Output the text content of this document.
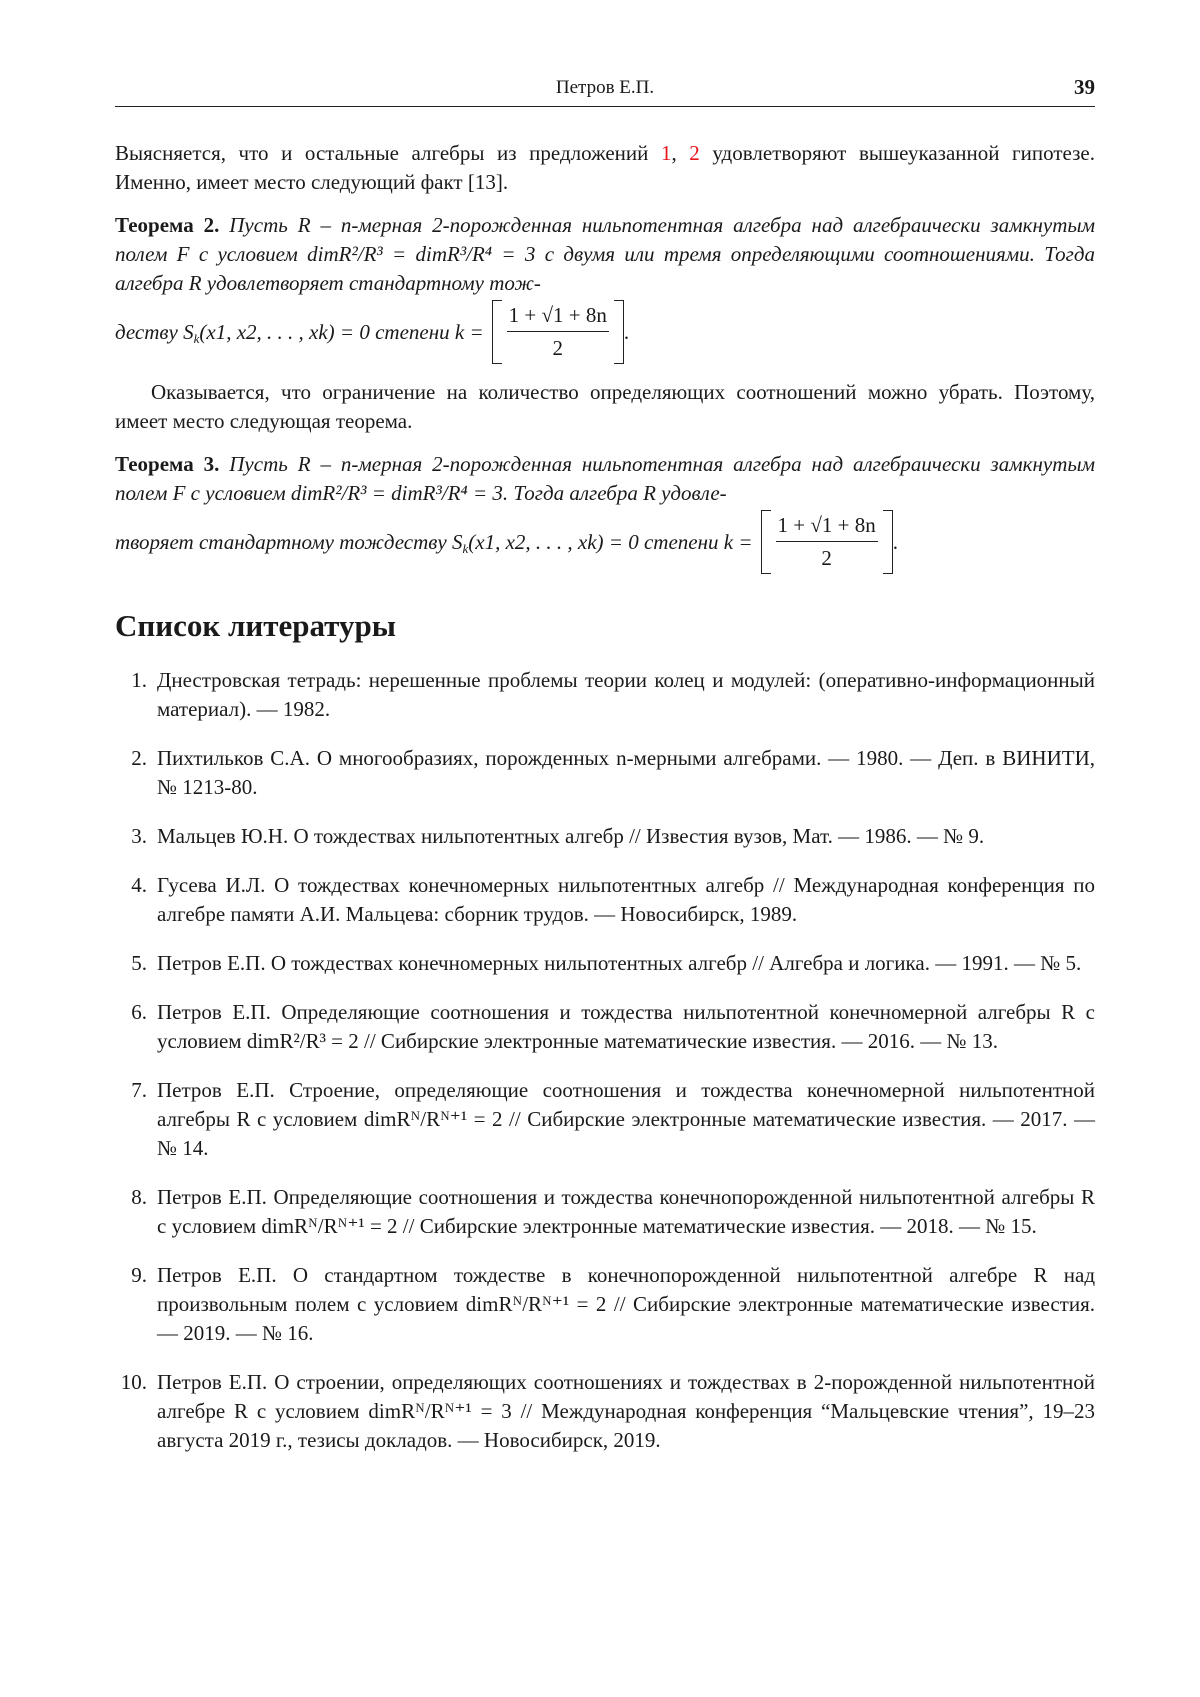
Петров Е.П.	39

Выясняется, что и остальные алгебры из предложений 1, 2 удовлетворяют вышеуказанной гипотезе. Именно, имеет место следующий факт [13].

Теорема 2. Пусть R – n-мерная 2-порожденная нильпотентная алгебра над алгебраически замкнутым полем F с условием dimR²/R³ = dimR³/R⁴ = 3 с двумя или тремя определяющими соотношениями. Тогда алгебра R удовлетворяет стандартному тож-

деству Sk(x1, x2, . . . , xk) = 0 степени k =
1 + √1 + 8n
2
.

Оказывается, что ограничение на количество определяющих соотношений можно убрать. Поэтому, имеет место следующая теорема.

Теорема 3. Пусть R – n-мерная 2-порожденная нильпотентная алгебра над алгебраически замкнутым полем F с условием dimR²/R³ = dimR³/R⁴ = 3. Тогда алгебра R удовле-

творяет стандартному тождеству Sk(x1, x2, . . . , xk) = 0 степени k =
1 + √1 + 8n
2
.
Список литературы
1. Днестровская тетрадь: нерешенные проблемы теории колец и модулей: (оперативно-информационный материал). — 1982.
2. Пихтильков С.А. О многообразиях, порожденных n-мерными алгебрами. — 1980. — Деп. в ВИНИТИ, № 1213-80.
3. Мальцев Ю.Н. О тождествах нильпотентных алгебр // Известия вузов, Мат. — 1986. — № 9.
4. Гусева И.Л. О тождествах конечномерных нильпотентных алгебр // Международная конференция по алгебре памяти А.И. Мальцева: сборник трудов. — Новосибирск, 1989.
5. Петров Е.П. О тождествах конечномерных нильпотентных алгебр // Алгебра и логика. — 1991. — № 5.
6. Петров Е.П. Определяющие соотношения и тождества нильпотентной конечномерной алгебры R с условием dimR²/R³ = 2 // Сибирские электронные математические известия. — 2016. — № 13.
7. Петров Е.П. Строение, определяющие соотношения и тождества конечномерной нильпотентной алгебры R с условием dimRᴺ/Rᴺ⁺¹ = 2 // Сибирские электронные математические известия. — 2017. — № 14.
8. Петров Е.П. Определяющие соотношения и тождества конечнопорожденной нильпотентной алгебры R с условием dimRᴺ/Rᴺ⁺¹ = 2 // Сибирские электронные математические известия. — 2018. — № 15.
9. Петров Е.П. О стандартном тождестве в конечнопорожденной нильпотентной алгебре R над произвольным полем с условием dimRᴺ/Rᴺ⁺¹ = 2 // Сибирские электронные математические известия. — 2019. — № 16.
10. Петров Е.П. О строении, определяющих соотношениях и тождествах в 2-порожденной нильпотентной алгебре R с условием dimRᴺ/Rᴺ⁺¹ = 3 // Международная конференция “Мальцевские чтения”, 19–23 августа 2019 г., тезисы докладов. — Новосибирск, 2019.
